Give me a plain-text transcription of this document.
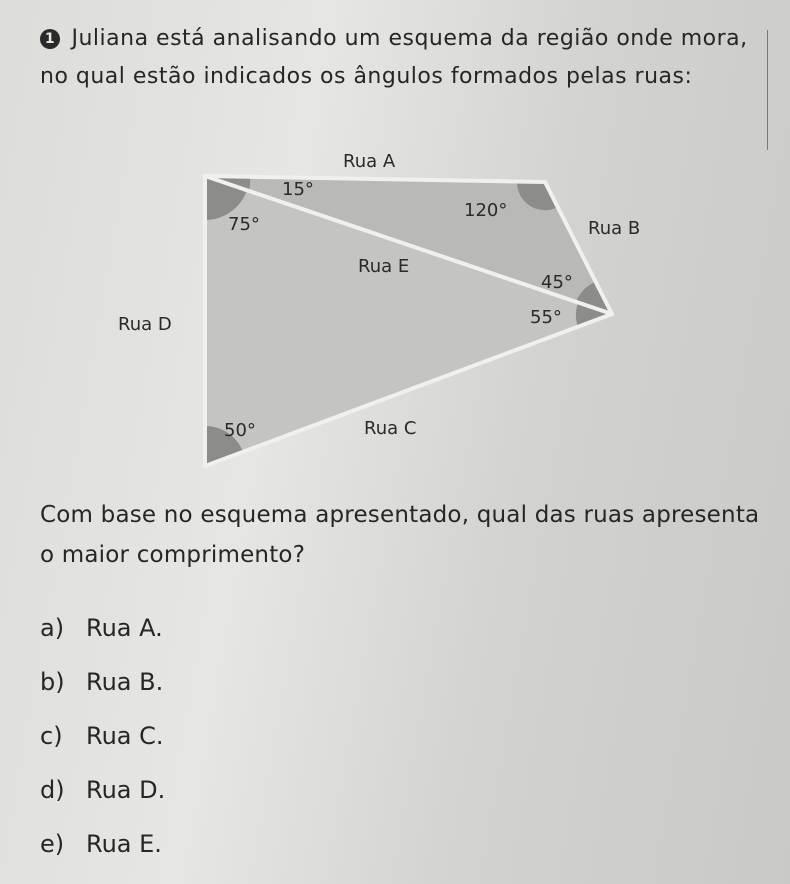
1 Juliana está analisando um esquema da região onde mora, no qual estão indicados os ângulos formados pelas ruas:
Rua A
Rua B
Rua C
Rua D
Rua E
15°
75°
120°
45°
55°
50°
Com base no esquema apresentado, qual das ruas apresenta o maior comprimento?
a) Rua A.
b) Rua B.
c) Rua C.
d) Rua D.
e) Rua E.
